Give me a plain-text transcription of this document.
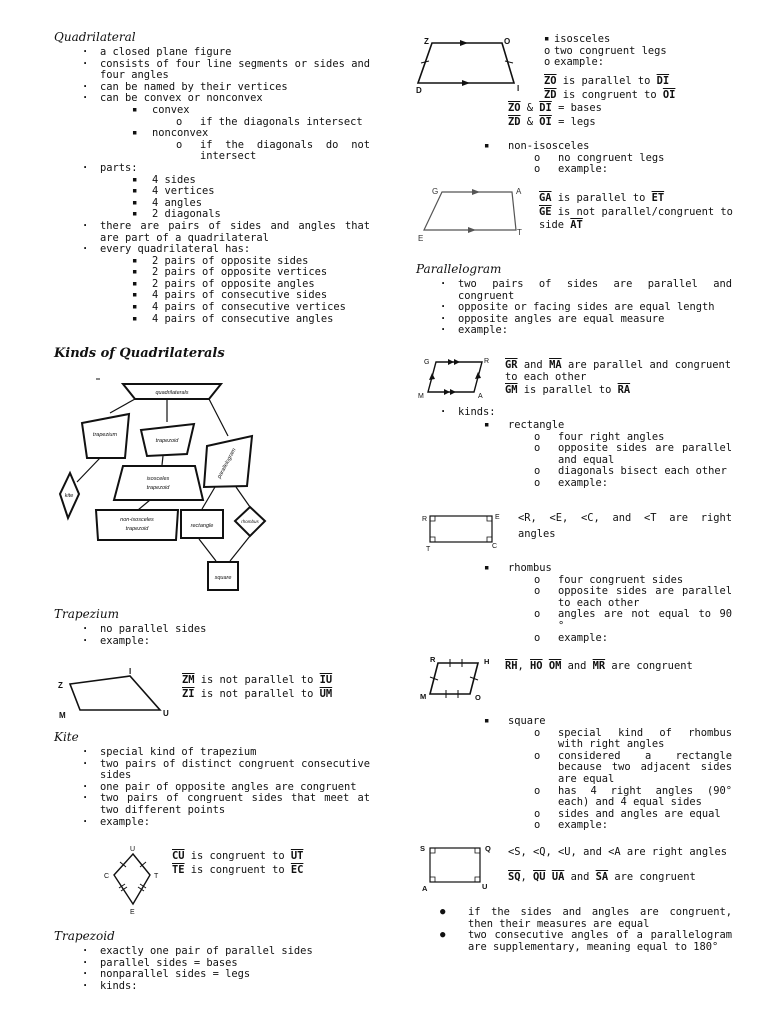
Quadrilateral
· a closed plane figure
· consists of four line segments or sides and four angles
· can be named by their vertices
· can be convex or nonconvex
▪ convex
o if the diagonals intersect
▪ nonconvex
o if the diagonals do not intersect
· parts:
▪ 4 sides
▪ 4 vertices
▪ 4 angles
▪ 2 diagonals
· there are pairs of sides and angles that are part of a quadrilateral
· every quadrilateral has:
▪ 2 pairs of opposite sides
▪ 2 pairs of opposite vertices
▪ 2 pairs of opposite angles
▪ 4 pairs of consecutive sides
▪ 4 pairs of consecutive vertices
▪ 4 pairs of consecutive angles
Kinds of Quadrilaterals
quadrilaterals
trapezium
trapezoid
parallelogram
isosceles
trapezoid
kite
non-isosceles
trapezoid	rectangle
rhombus
square
Trapezium
· no parallel sides
· example:
Z
I
M	U
$\overline{ZM}$ is not parallel to $\overline{IU}$
$\overline{ZI}$ is not parallel to $\overline{UM}$
Kite
· special kind of trapezium
· two pairs of distinct congruent consecutive sides
· one pair of opposite angles are congruent
· two pairs of congruent sides that meet at two different points
· example:
U
C	T
E
$\overline{CU}$ is congruent to $\overline{UT}$
$\overline{TE}$ is congruent to $\overline{EC}$
Trapezoid
· exactly one pair of parallel sides
· parallel sides = bases
· nonparallel sides = legs
· kinds:
Z	O
D	I
▪ isosceles
o two congruent legs
o example:
$\overline{ZO}$ is parallel to $\overline{DI}$
$\overline{ZD}$ is congruent to $\overline{OI}$
$\overline{ZO}$ & $\overline{DI}$ = bases
$\overline{ZD}$ & $\overline{OI}$ = legs
▪ non-isosceles
o no congruent legs
o example:
G	A
E
T
$\overline{GA}$ is parallel to $\overline{ET}$
$\overline{GE}$ is not parallel/congruent to side $\overline{AT}$
Parallelogram
· two pairs of sides are parallel and congruent
· opposite or facing sides are equal length
· opposite angles are equal measure
· example:
G	R
M	A
$\overline{GR}$ and $\overline{MA}$ are parallel and congruent to each other
$\overline{GM}$ is parallel to $\overline{RA}$
· kinds:
▪ rectangle
o four right angles
o opposite sides are parallel and equal
o diagonals bisect each other
o example:
R	E
T	C
<R, <E, <C, and <T are right angles
▪ rhombus
o four congruent sides
o opposite sides are parallel to each other
o angles are not equal to 90 °
o example:
R	H
M	O
$\overline{RH}$, $\overline{HO}$ $\overline{OM}$ and $\overline{MR}$ are congruent
▪ square
o special kind of rhombus with right angles
o considered a rectangle because two adjacent sides are equal
o has 4 right angles (90° each) and 4 equal sides
o sides and angles are equal
o example:
S	Q
A	U
<S, <Q, <U, and <A are right angles
$\overline{SQ}$, $\overline{QU}$ $\overline{UA}$ and $\overline{SA}$ are congruent
● if the sides and angles are congruent, then their measures are equal
● two consecutive angles of a parallelogram are supplementary, meaning equal to 180°
